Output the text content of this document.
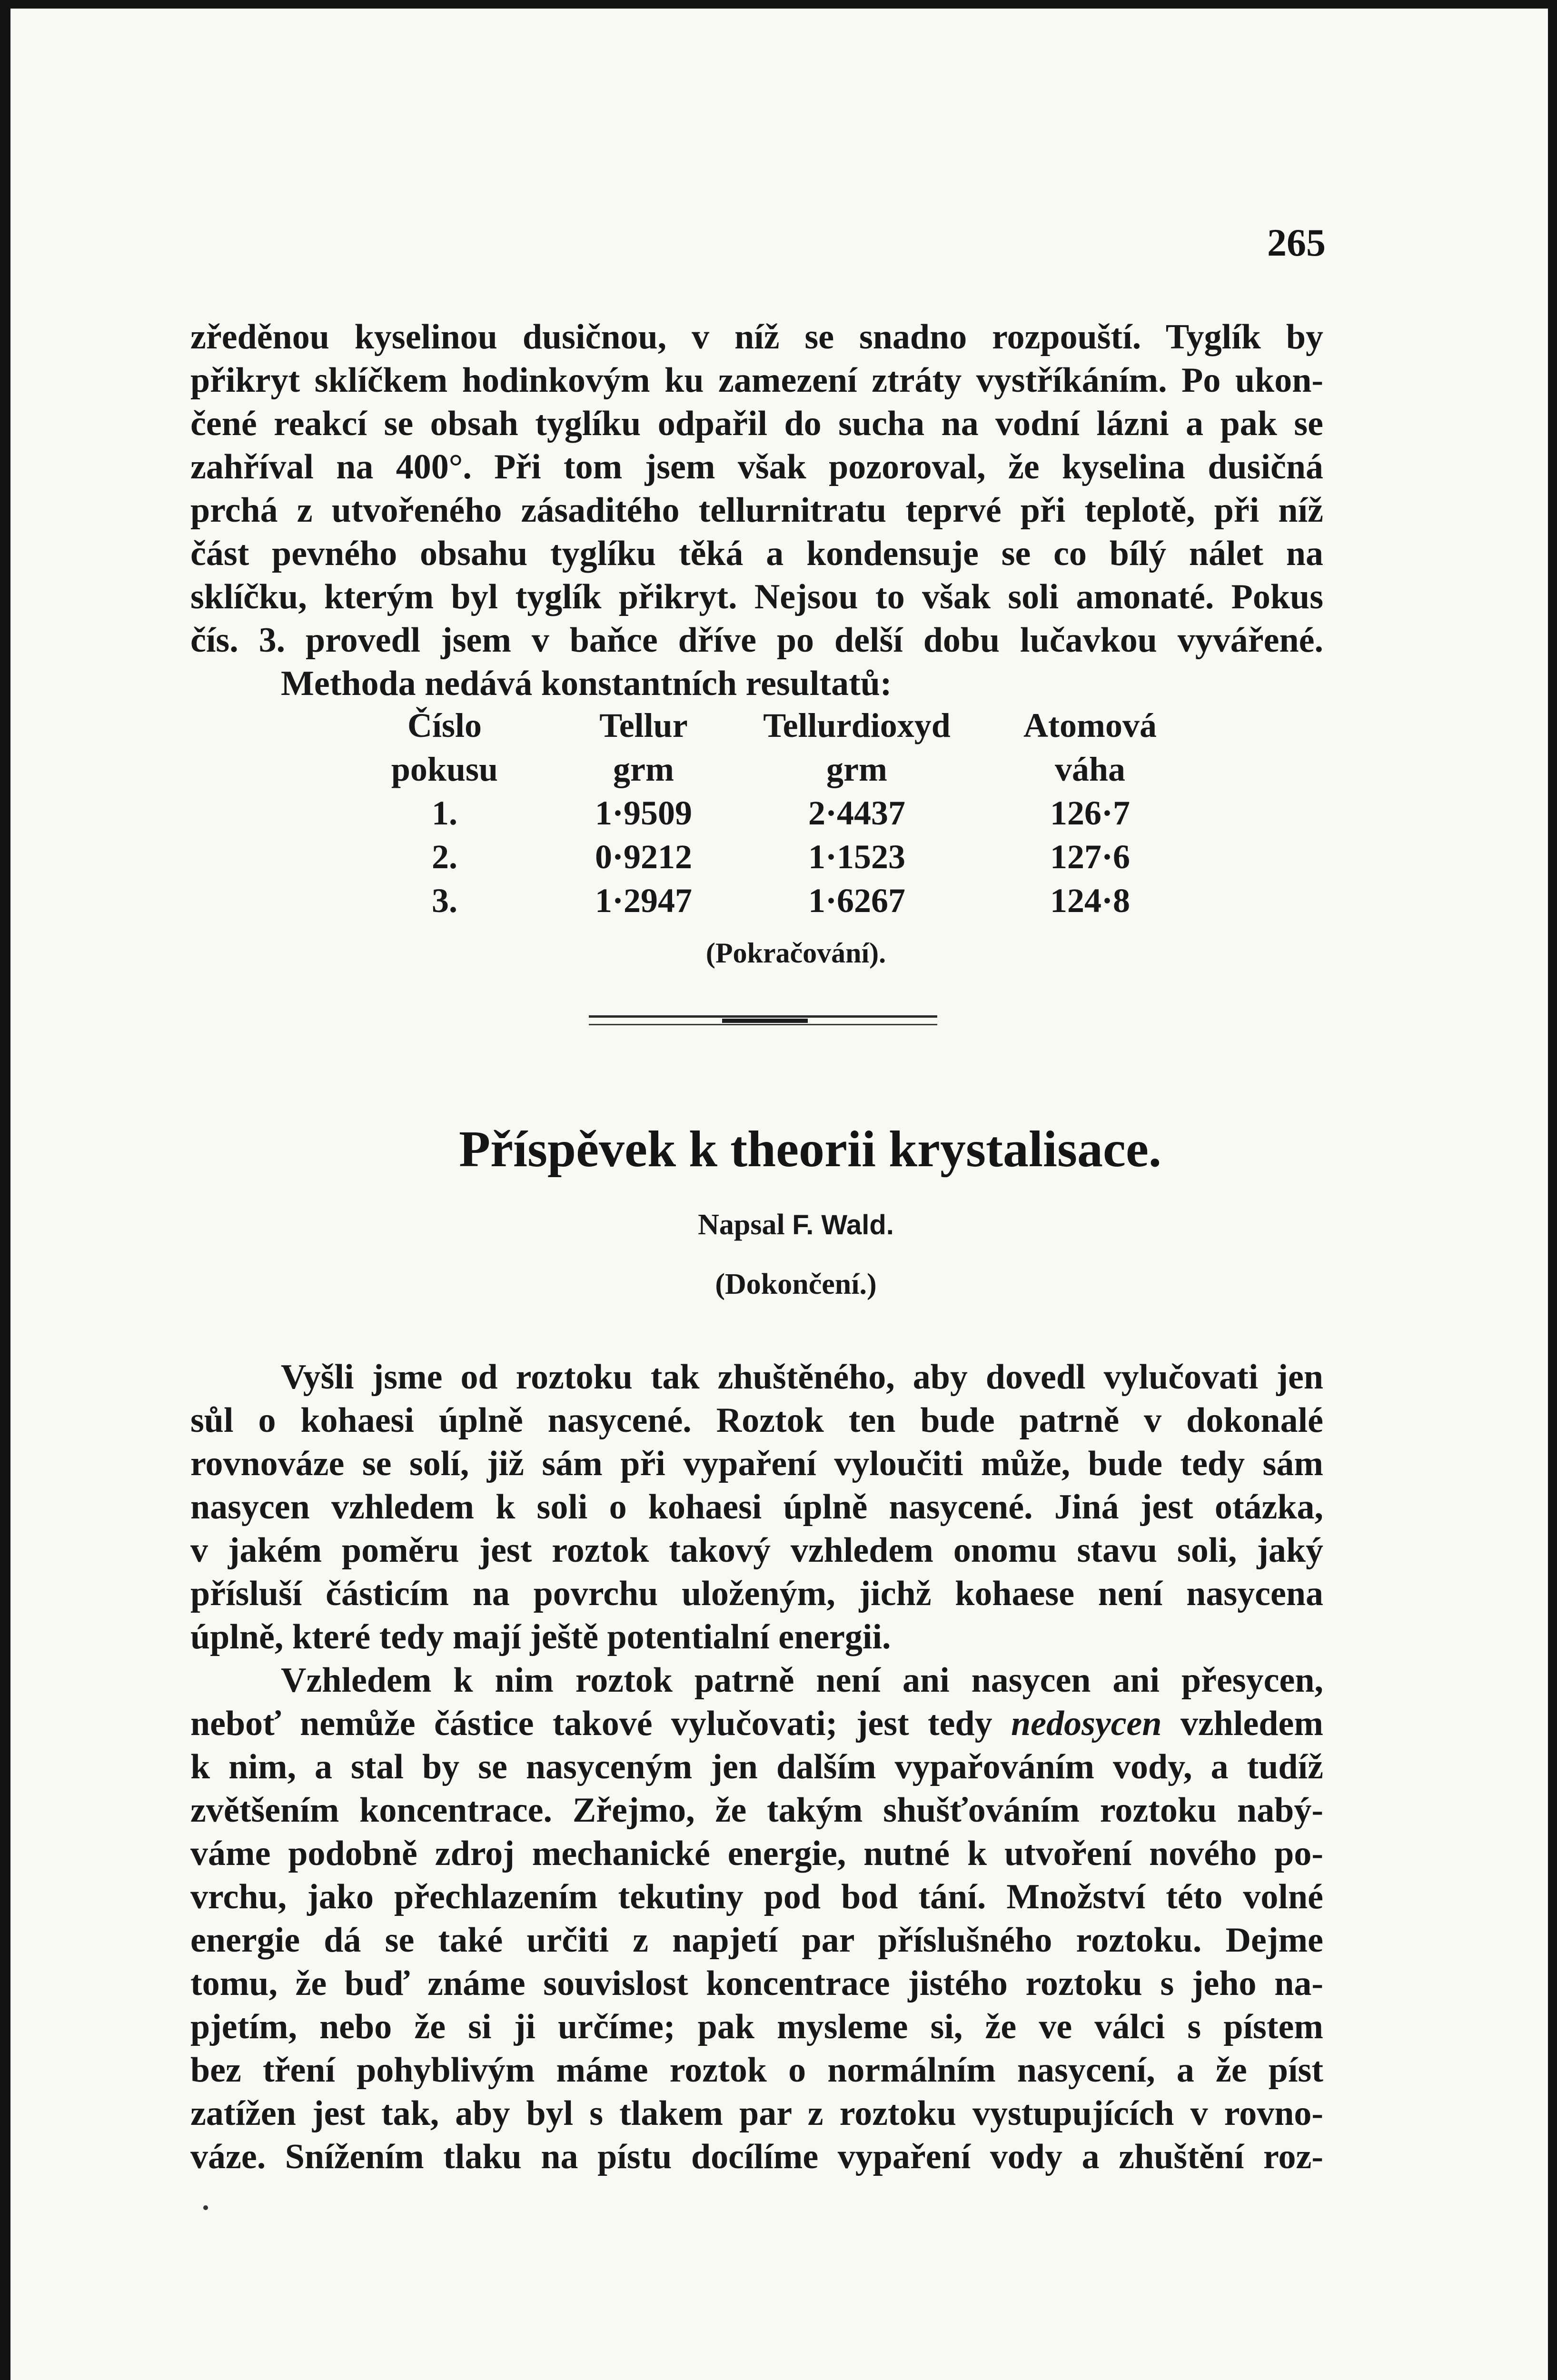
265
zředěnou kyselinou dusičnou, v níž se snadno rozpouští. Tyglík by
přikryt sklíčkem hodinkovým ku zamezení ztráty vystříkáním. Po ukon-
čené reakcí se obsah tyglíku odpařil do sucha na vodní lázni a pak se
zahříval na 400°. Při tom jsem však pozoroval, že kyselina dusičná
prchá z utvořeného zásaditého tellurnitratu teprvé při teplotě, při níž
část pevného obsahu tyglíku těká a kondensuje se co bílý nálet na
sklíčku, kterým byl tyglík přikryt. Nejsou to však soli amonaté. Pokus
čís. 3. provedl jsem v baňce dříve po delší dobu lučavkou vyvářené.
Methoda nedává konstantních resultatů:
Číslo	Tellur	Tellurdioxyd	Atomová
pokusu	grm	grm	váha
1.	1·9509	2·4437	126·7
2.	0·9212	1·1523	127·6
3.	1·2947	1·6267	124·8
(Pokračování).
Příspěvek k theorii krystalisace.
Napsal F. Wald.
(Dokončení.)
Vyšli jsme od roztoku tak zhuštěného, aby dovedl vylučovati jen
sůl o kohaesi úplně nasycené. Roztok ten bude patrně v dokonalé
rovnováze se solí, již sám při vypaření vyloučiti může, bude tedy sám
nasycen vzhledem k soli o kohaesi úplně nasycené. Jiná jest otázka,
v jakém poměru jest roztok takový vzhledem onomu stavu soli, jaký
přísluší částicím na povrchu uloženým, jichž kohaese není nasycena
úplně, které tedy mají ještě potentialní energii.
Vzhledem k nim roztok patrně není ani nasycen ani přesycen,
neboť nemůže částice takové vylučovati; jest tedy nedosycen vzhledem
k nim, a stal by se nasyceným jen dalším vypařováním vody, a tudíž
zvětšením koncentrace. Zřejmo, že takým shušťováním roztoku nabý-
váme podobně zdroj mechanické energie, nutné k utvoření nového po-
vrchu, jako přechlazením tekutiny pod bod tání. Množství této volné
energie dá se také určiti z napjetí par příslušného roztoku. Dejme
tomu, že buď známe souvislost koncentrace jistého roztoku s jeho na-
pjetím, nebo že si ji určíme; pak mysleme si, že ve válci s pístem
bez tření pohyblivým máme roztok o normálním nasycení, a že píst
zatížen jest tak, aby byl s tlakem par z roztoku vystupujících v rovno-
váze. Snížením tlaku na pístu docílíme vypaření vody a zhuštění roz-
